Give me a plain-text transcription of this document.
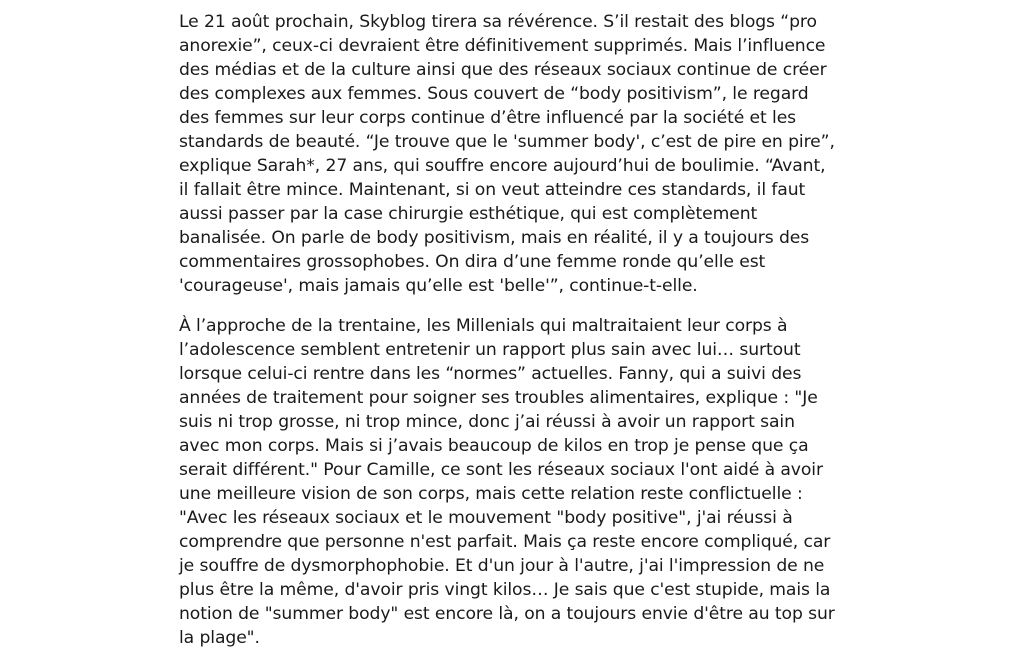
Le 21 août prochain, Skyblog tirera sa révérence. S’il restait des blogs “pro anorexie”, ceux-ci devraient être définitivement supprimés. Mais l’influence des médias et de la culture ainsi que des réseaux sociaux continue de créer des complexes aux femmes. Sous couvert de “body positivism”, le regard des femmes sur leur corps continue d’être influencé par la société et les standards de beauté. “Je trouve que le 'summer body', c’est de pire en pire”, explique Sarah*, 27 ans, qui souffre encore aujourd’hui de boulimie. “Avant, il fallait être mince. Maintenant, si on veut atteindre ces standards, il faut aussi passer par la case chirurgie esthétique, qui est complètement banalisée. On parle de body positivism, mais en réalité, il y a toujours des commentaires grossophobes. On dira d’une femme ronde qu’elle est 'courageuse', mais jamais qu’elle est 'belle'”, continue-t-elle.

À l’approche de la trentaine, les Millenials qui maltraitaient leur corps à l’adolescence semblent entretenir un rapport plus sain avec lui… surtout lorsque celui-ci rentre dans les “normes” actuelles. Fanny, qui a suivi des années de traitement pour soigner ses troubles alimentaires, explique : "Je suis ni trop grosse, ni trop mince, donc j’ai réussi à avoir un rapport sain avec mon corps. Mais si j’avais beaucoup de kilos en trop je pense que ça serait différent." Pour Camille, ce sont les réseaux sociaux l'ont aidé à avoir une meilleure vision de son corps, mais cette relation reste conflictuelle : "Avec les réseaux sociaux et le mouvement "body positive", j'ai réussi à comprendre que personne n'est parfait. Mais ça reste encore compliqué, car je souffre de dysmorphophobie. Et d'un jour à l'autre, j'ai l'impression de ne plus être la même, d'avoir pris vingt kilos… Je sais que c'est stupide, mais la notion de "summer body" est encore là, on a toujours envie d'être au top sur la plage".
